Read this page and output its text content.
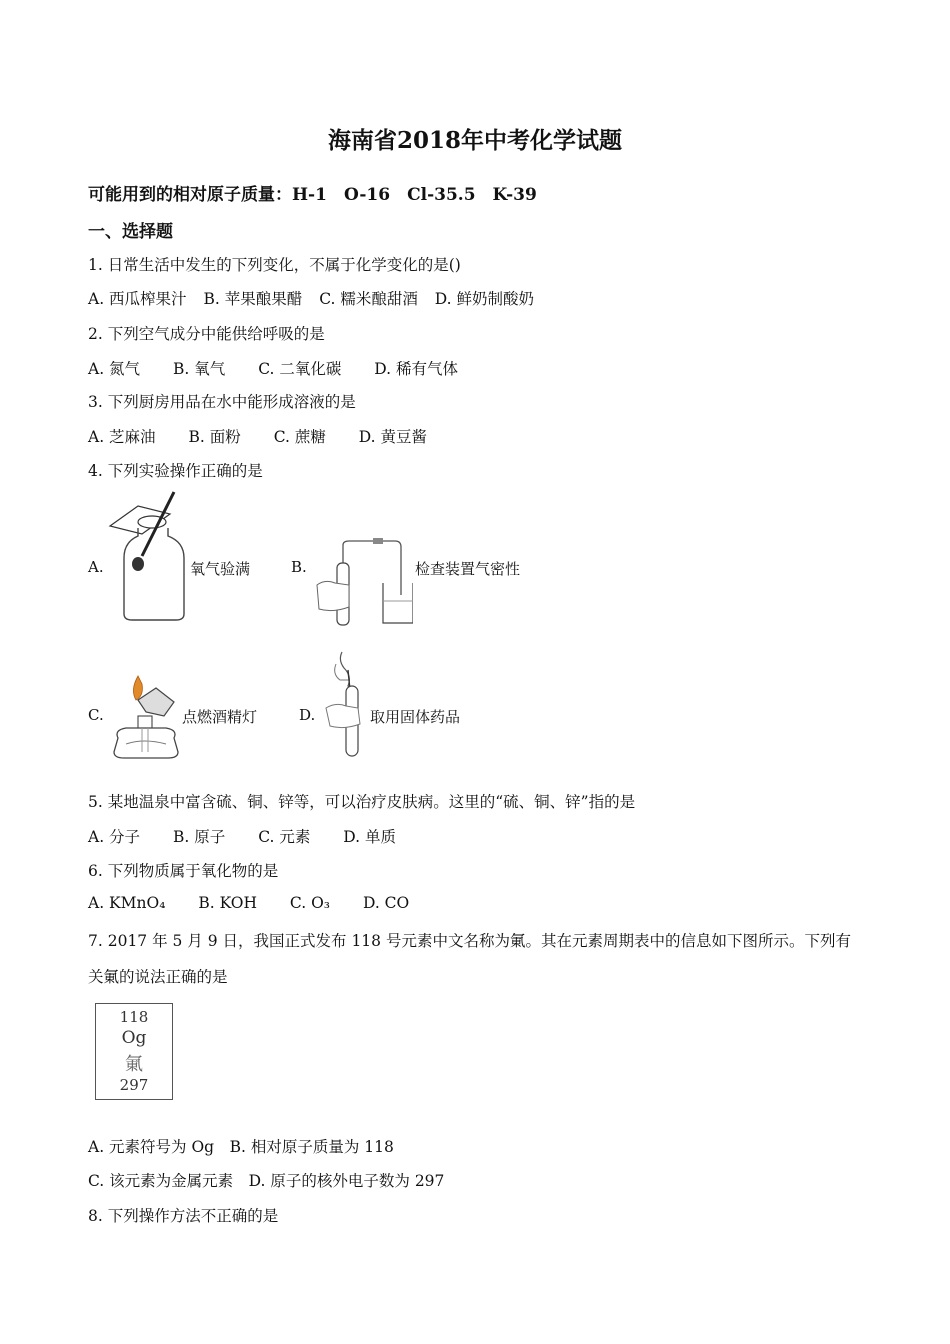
海南省2018年中考化学试题
可能用到的相对原子质量：H-1　O-16　Cl-35.5　K-39
一、选择题
1. 日常生活中发生的下列变化，不属于化学变化的是()
A. 西瓜榨果汁 B. 苹果酿果醋 C. 糯米酿甜酒 D. 鲜奶制酸奶
2. 下列空气成分中能供给呼吸的是
A. 氮气 B. 氧气 C. 二氧化碳 D. 稀有气体
3. 下列厨房用品在水中能形成溶液的是
A. 芝麻油 B. 面粉 C. 蔗糖 D. 黄豆酱
4. 下列实验操作正确的是
A.	氧气验满	B.	检查装置气密性
C.	点燃酒精灯	D.	取用固体药品
5. 某地温泉中富含硫、铜、锌等，可以治疗皮肤病。这里的“硫、铜、锌”指的是
A. 分子 B. 原子 C. 元素 D. 单质
6. 下列物质属于氧化物的是
A. KMnO₄ B. KOH C. O₃ D. CO
7. 2017 年 5 月 9 日，我国正式发布 118 号元素中文名称为氭。其在元素周期表中的信息如下图所示。下列有
关氭的说法正确的是
118
Og
氭
297
A. 元素符号为 Og　B. 相对原子质量为 118
C. 该元素为金属元素　D. 原子的核外电子数为 297
8. 下列操作方法不正确的是
